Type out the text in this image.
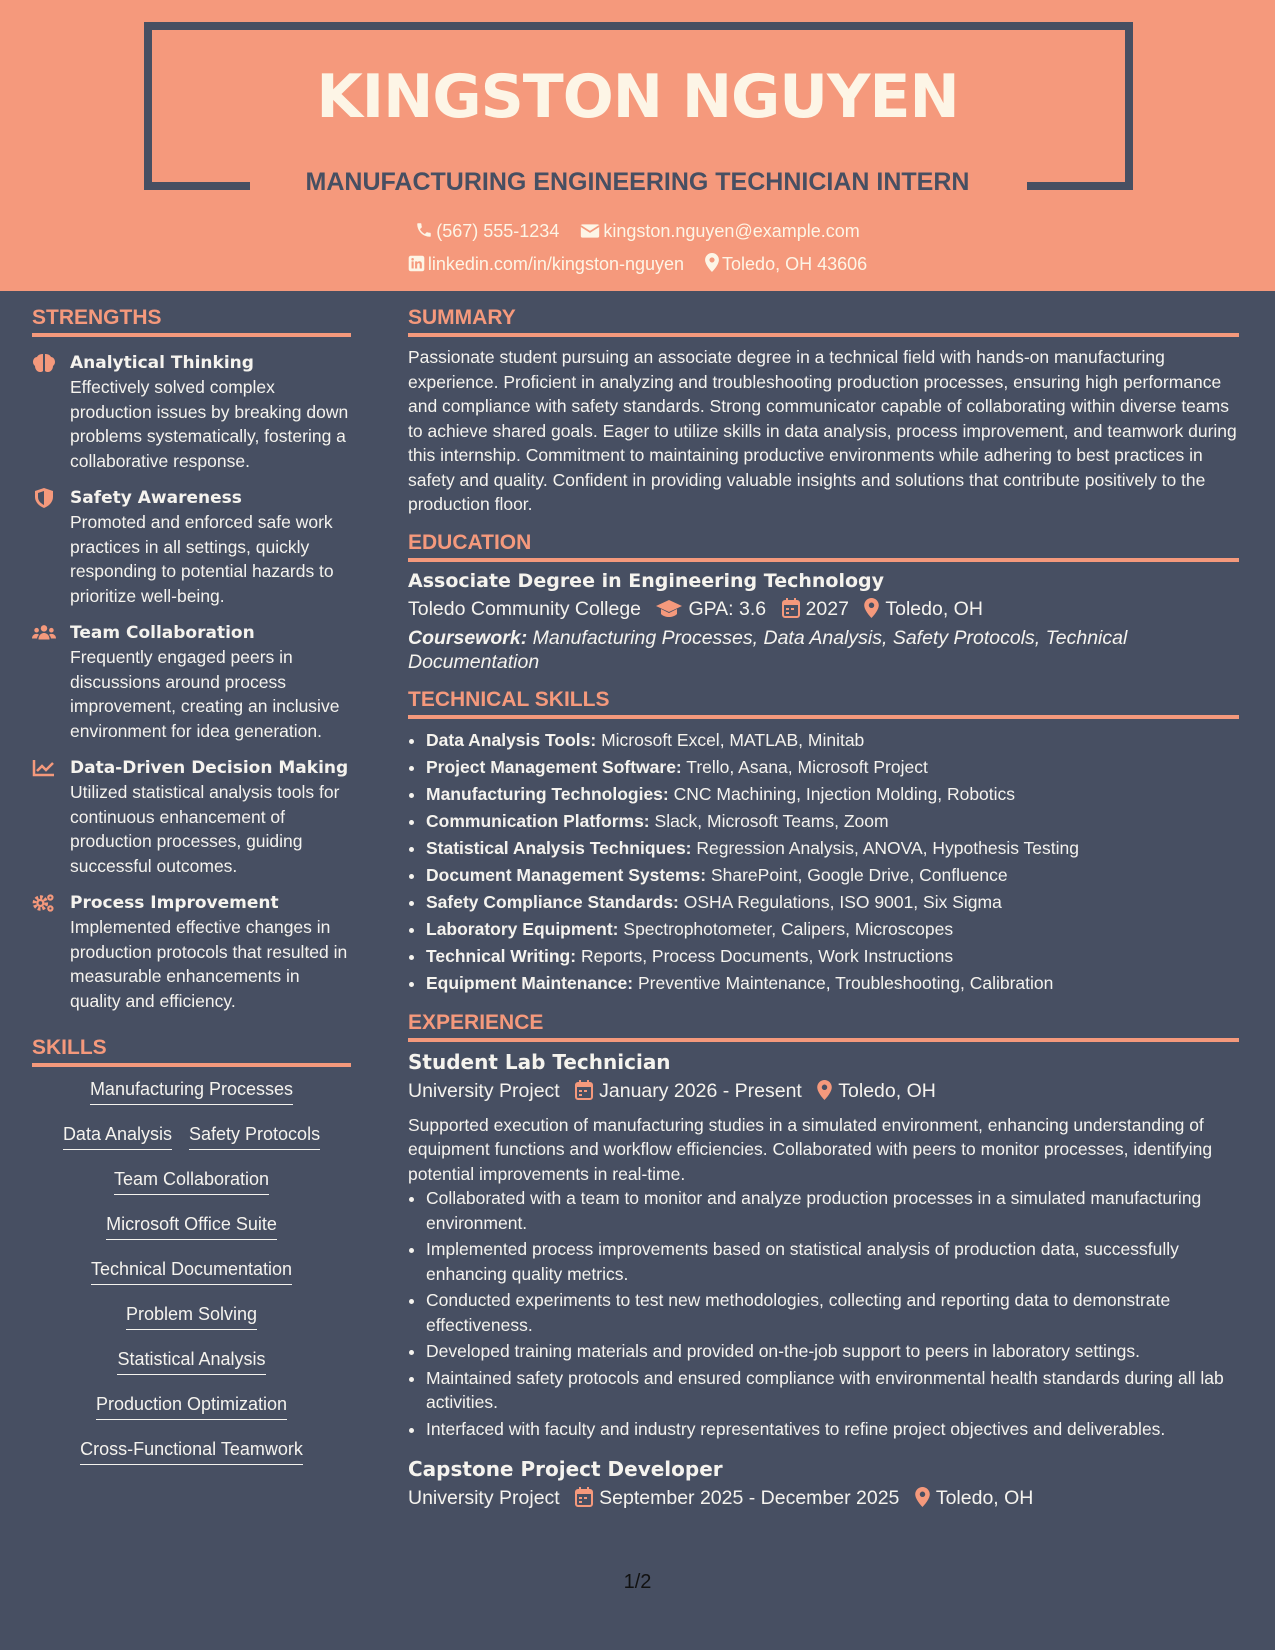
KINGSTON NGUYEN
MANUFACTURING ENGINEERING TECHNICIAN INTERN
(567) 555-1234 kingston.nguyen@example.com
linkedin.com/in/kingston-nguyen Toledo, OH 43606
STRENGTHS
Analytical Thinking
Effectively solved complex production issues by breaking down problems systematically, fostering a collaborative response.
Safety Awareness
Promoted and enforced safe work practices in all settings, quickly responding to potential hazards to prioritize well-being.
Team Collaboration
Frequently engaged peers in discussions around process improvement, creating an inclusive environment for idea generation.
Data-Driven Decision Making
Utilized statistical analysis tools for continuous enhancement of production processes, guiding successful outcomes.
Process Improvement
Implemented effective changes in production protocols that resulted in measurable enhancements in quality and efficiency.
SKILLS
Manufacturing Processes
Data Analysis Safety Protocols
Team Collaboration
Microsoft Office Suite
Technical Documentation
Problem Solving
Statistical Analysis
Production Optimization
Cross-Functional Teamwork
SUMMARY
Passionate student pursuing an associate degree in a technical field with hands-on manufacturing experience. Proficient in analyzing and troubleshooting production processes, ensuring high performance and compliance with safety standards. Strong communicator capable of collaborating within diverse teams to achieve shared goals. Eager to utilize skills in data analysis, process improvement, and teamwork during this internship. Commitment to maintaining productive environments while adhering to best practices in safety and quality. Confident in providing valuable insights and solutions that contribute positively to the production floor.
EDUCATION
Associate Degree in Engineering Technology
Toledo Community College GPA: 3.6 2027 Toledo, OH
Coursework: Manufacturing Processes, Data Analysis, Safety Protocols, Technical Documentation
TECHNICAL SKILLS
• Data Analysis Tools: Microsoft Excel, MATLAB, Minitab
• Project Management Software: Trello, Asana, Microsoft Project
• Manufacturing Technologies: CNC Machining, Injection Molding, Robotics
• Communication Platforms: Slack, Microsoft Teams, Zoom
• Statistical Analysis Techniques: Regression Analysis, ANOVA, Hypothesis Testing
• Document Management Systems: SharePoint, Google Drive, Confluence
• Safety Compliance Standards: OSHA Regulations, ISO 9001, Six Sigma
• Laboratory Equipment: Spectrophotometer, Calipers, Microscopes
• Technical Writing: Reports, Process Documents, Work Instructions
• Equipment Maintenance: Preventive Maintenance, Troubleshooting, Calibration
EXPERIENCE
Student Lab Technician
University Project January 2026 - Present Toledo, OH
Supported execution of manufacturing studies in a simulated environment, enhancing understanding of equipment functions and workflow efficiencies. Collaborated with peers to monitor processes, identifying potential improvements in real-time.
• Collaborated with a team to monitor and analyze production processes in a simulated manufacturing environment.
• Implemented process improvements based on statistical analysis of production data, successfully enhancing quality metrics.
• Conducted experiments to test new methodologies, collecting and reporting data to demonstrate effectiveness.
• Developed training materials and provided on-the-job support to peers in laboratory settings.
• Maintained safety protocols and ensured compliance with environmental health standards during all lab activities.
• Interfaced with faculty and industry representatives to refine project objectives and deliverables.
Capstone Project Developer
University Project September 2025 - December 2025 Toledo, OH
1/2
